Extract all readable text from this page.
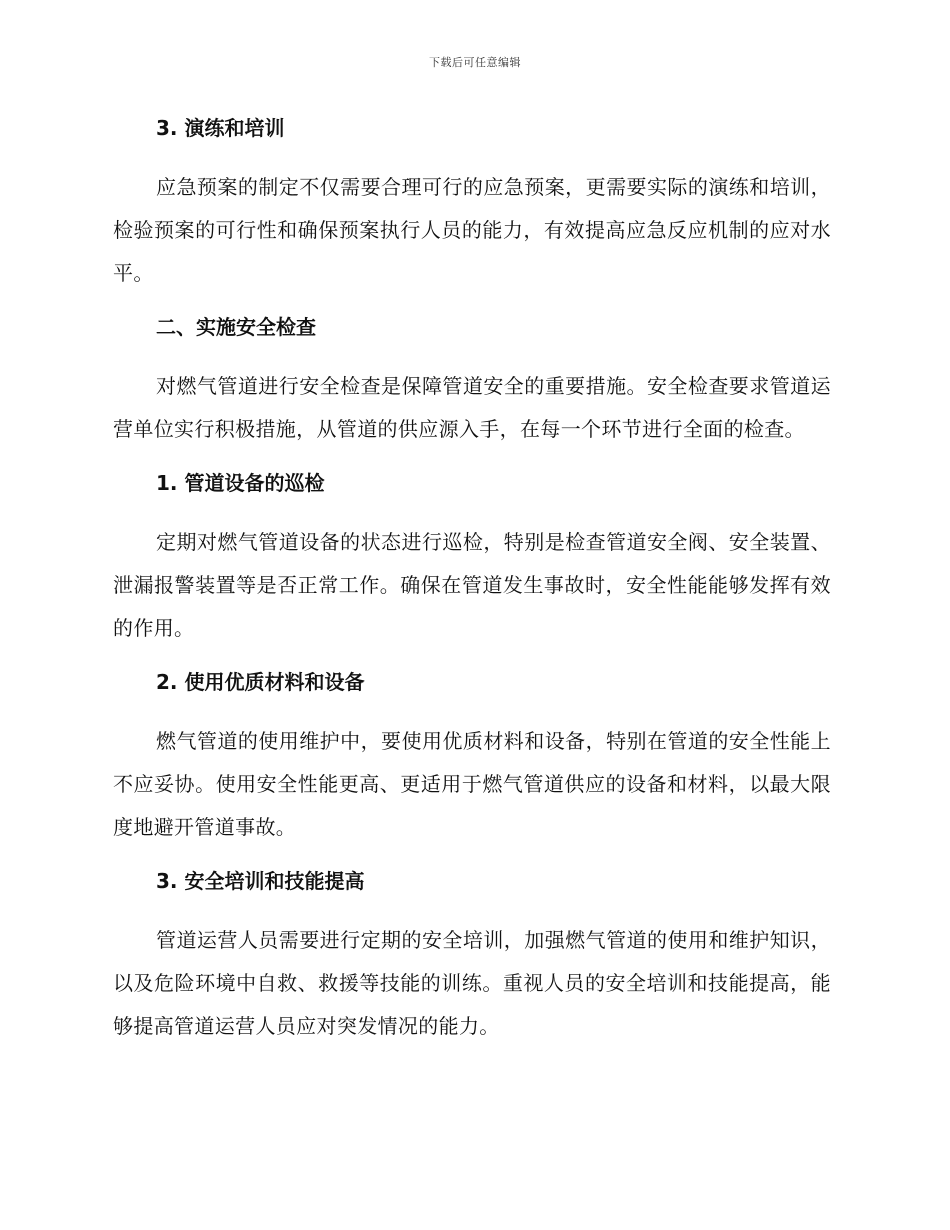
下载后可任意编辑
3. 演练和培训

应急预案的制定不仅需要合理可行的应急预案，更需要实际的演练和培训，检验预案的可行性和确保预案执行人员的能力，有效提高应急反应机制的应对水平。

二、实施安全检查

对燃气管道进行安全检查是保障管道安全的重要措施。安全检查要求管道运营单位实行积极措施，从管道的供应源入手，在每一个环节进行全面的检查。

1. 管道设备的巡检

定期对燃气管道设备的状态进行巡检，特别是检查管道安全阀、安全装置、泄漏报警装置等是否正常工作。确保在管道发生事故时，安全性能能够发挥有效的作用。

2. 使用优质材料和设备

燃气管道的使用维护中，要使用优质材料和设备，特别在管道的安全性能上不应妥协。使用安全性能更高、更适用于燃气管道供应的设备和材料，以最大限度地避开管道事故。

3. 安全培训和技能提高

管道运营人员需要进行定期的安全培训，加强燃气管道的使用和维护知识，以及危险环境中自救、救援等技能的训练。重视人员的安全培训和技能提高，能够提高管道运营人员应对突发情况的能力。
